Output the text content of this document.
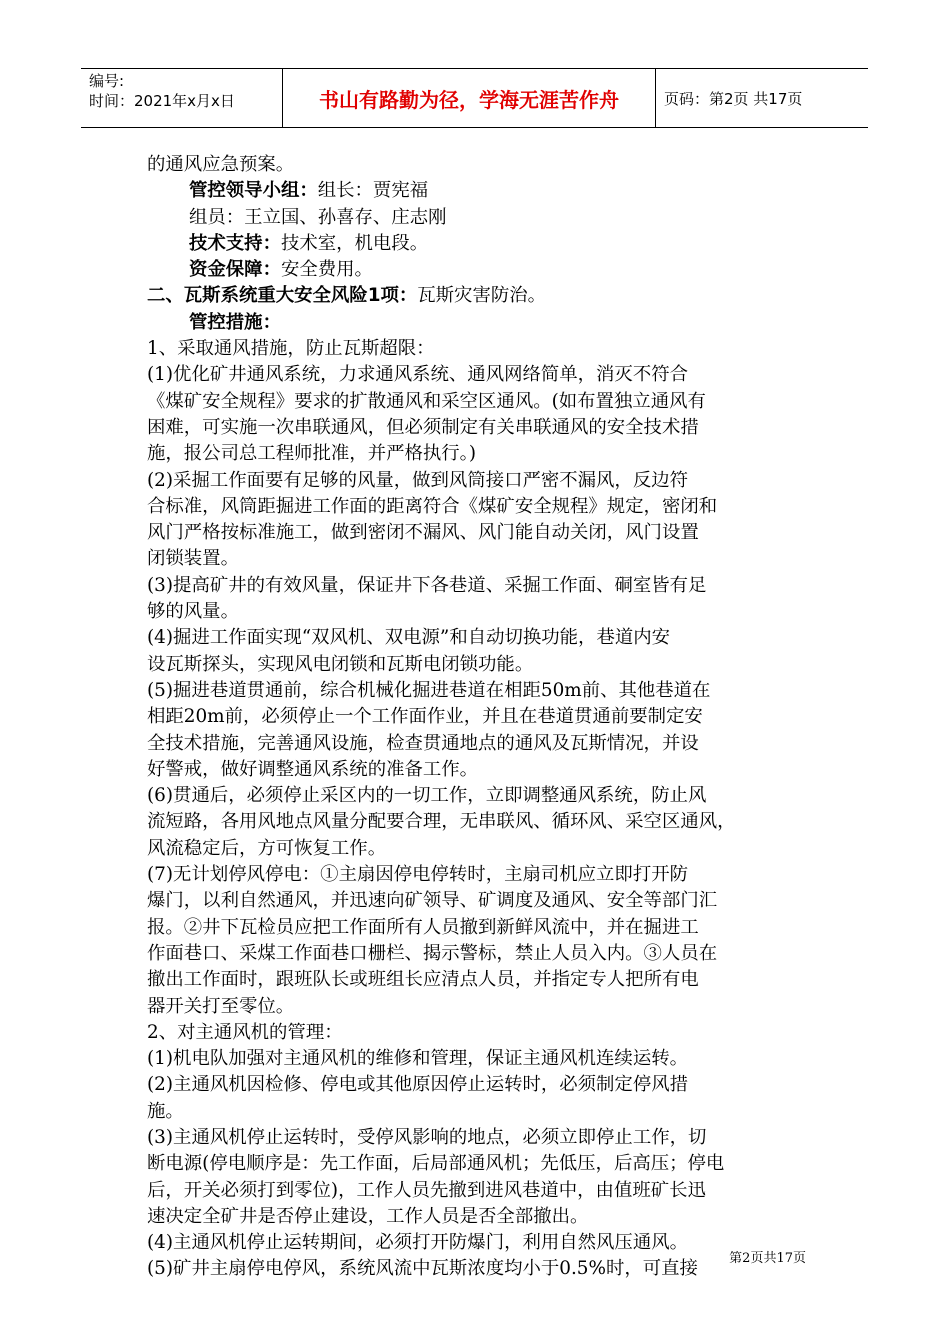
编号:
时间：2021年x月x日	书山有路勤为径，学海无涯苦作舟	页码：第2页 共17页

的通风应急预案。

管控领导小组：组长：贾宪福

组员：王立国、孙喜存、庄志刚

技术支持：技术室，机电段。

资金保障：安全费用。

二、瓦斯系统重大安全风险1项：瓦斯灾害防治。

管控措施：

1、采取通风措施，防止瓦斯超限：

(1)优化矿井通风系统，力求通风系统、通风网络简单，消灭不符合

《煤矿安全规程》要求的扩散通风和采空区通风。(如布置独立通风有

困难，可实施一次串联通风，但必须制定有关串联通风的安全技术措

施，报公司总工程师批准，并严格执行。)

(2)采掘工作面要有足够的风量，做到风筒接口严密不漏风，反边符

合标准，风筒距掘进工作面的距离符合《煤矿安全规程》规定，密闭和

风门严格按标准施工，做到密闭不漏风、风门能自动关闭，风门设置

闭锁装置。

(3)提高矿井的有效风量，保证井下各巷道、采掘工作面、硐室皆有足

够的风量。

(4)掘进工作面实现“双风机、双电源”和自动切换功能，巷道内安

设瓦斯探头，实现风电闭锁和瓦斯电闭锁功能。

(5)掘进巷道贯通前，综合机械化掘进巷道在相距50m前、其他巷道在

相距20m前，必须停止一个工作面作业，并且在巷道贯通前要制定安

全技术措施，完善通风设施，检查贯通地点的通风及瓦斯情况，并设

好警戒，做好调整通风系统的准备工作。

(6)贯通后，必须停止采区内的一切工作，立即调整通风系统，防止风

流短路，各用风地点风量分配要合理，无串联风、循环风、采空区通风，

风流稳定后，方可恢复工作。

(7)无计划停风停电：①主扇因停电停转时，主扇司机应立即打开防

爆门，以利自然通风，并迅速向矿领导、矿调度及通风、安全等部门汇

报。②井下瓦检员应把工作面所有人员撤到新鲜风流中，并在掘进工

作面巷口、采煤工作面巷口栅栏、揭示警标，禁止人员入内。③人员在

撤出工作面时，跟班队长或班组长应清点人员，并指定专人把所有电

器开关打至零位。

2、对主通风机的管理：

(1)机电队加强对主通风机的维修和管理，保证主通风机连续运转。

(2)主通风机因检修、停电或其他原因停止运转时，必须制定停风措

施。

(3)主通风机停止运转时，受停风影响的地点，必须立即停止工作，切

断电源(停电顺序是：先工作面，后局部通风机；先低压，后高压；停电

后，开关必须打到零位)，工作人员先撤到进风巷道中，由值班矿长迅

速决定全矿井是否停止建设，工作人员是否全部撤出。

(4)主通风机停止运转期间，必须打开防爆门，利用自然风压通风。

(5)矿井主扇停电停风，系统风流中瓦斯浓度均小于0.5%时，可直接	第2页共17页
